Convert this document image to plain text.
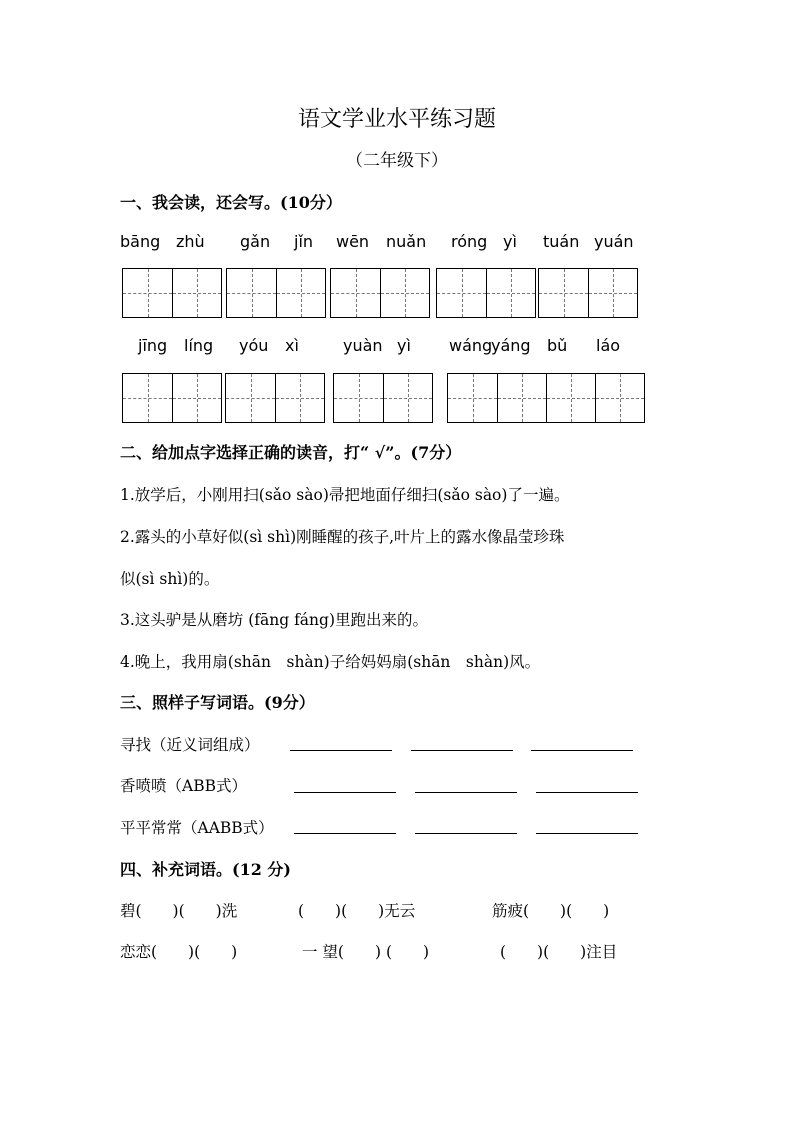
语文学业水平练习题
（二年级下）
一、我会读，还会写。(10分）
bāng zhù gǎn jǐn wēn nuǎn róng yì tuán yuán
jīng líng yóu xì	yuàn yì wáng
yáng bǔ láo
二、给加点字选择正确的读音，打“ √”。(7分）
1.放学后，小刚用扫(sǎo sào)帚把地面仔细扫(sǎo sào)了一遍。
2.露头的小草好似(sì shì)刚睡醒的孩子,叶片上的露水像晶莹珍珠
似(sì shì)的。
3.这头驴是从磨坊 (fāng fáng)里跑出来的。
4.晚上，我用扇(shān　shàn)子给妈妈扇(shān　shàn)风。
三、照样子写词语。(9分）
寻找（近义词组成）
香喷喷（ABB式）
平平常常（AABB式）
四、补充词语。(12 分)
碧(　　)(　　)洗	(　　)(　　)无云	筋疲(　　)(　　)
恋恋(　　)(　　)	一 望(　　) (　　)	(　　)(　　)注目
